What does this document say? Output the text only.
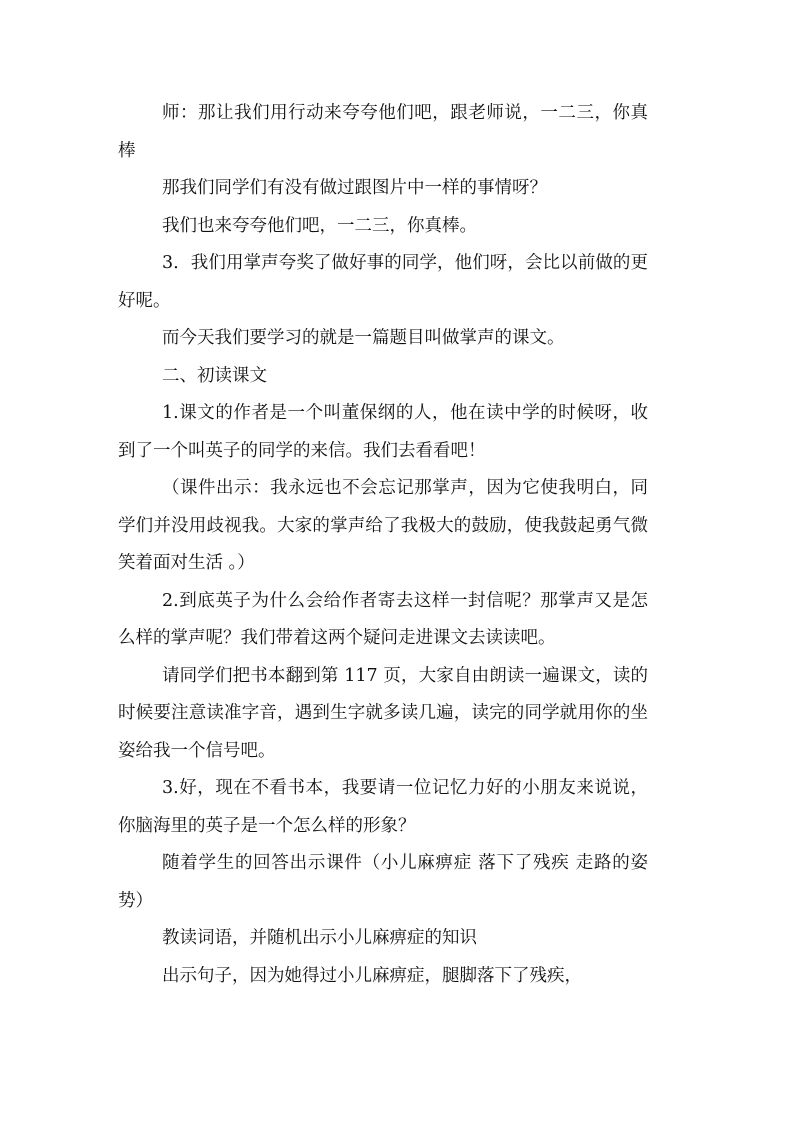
师：那让我们用行动来夸夸他们吧，跟老师说，一二三，你真棒

那我们同学们有没有做过跟图片中一样的事情呀？

我们也来夸夸他们吧，一二三，你真棒。

3．我们用掌声夸奖了做好事的同学，他们呀，会比以前做的更好呢。

而今天我们要学习的就是一篇题目叫做掌声的课文。

二、初读课文

1.课文的作者是一个叫董保纲的人，他在读中学的时候呀，收到了一个叫英子的同学的来信。我们去看看吧！

（课件出示：我永远也不会忘记那掌声，因为它使我明白，同学们并没用歧视我。大家的掌声给了我极大的鼓励，使我鼓起勇气微笑着面对生活 。）

2.到底英子为什么会给作者寄去这样一封信呢？那掌声又是怎么样的掌声呢？我们带着这两个疑问走进课文去读读吧。

请同学们把书本翻到第 117 页，大家自由朗读一遍课文，读的时候要注意读准字音，遇到生字就多读几遍，读完的同学就用你的坐姿给我一个信号吧。

3.好，现在不看书本，我要请一位记忆力好的小朋友来说说，你脑海里的英子是一个怎么样的形象？

随着学生的回答出示课件（小儿麻痹症 落下了残疾 走路的姿势）

教读词语，并随机出示小儿麻痹症的知识

出示句子，因为她得过小儿麻痹症，腿脚落下了残疾，
